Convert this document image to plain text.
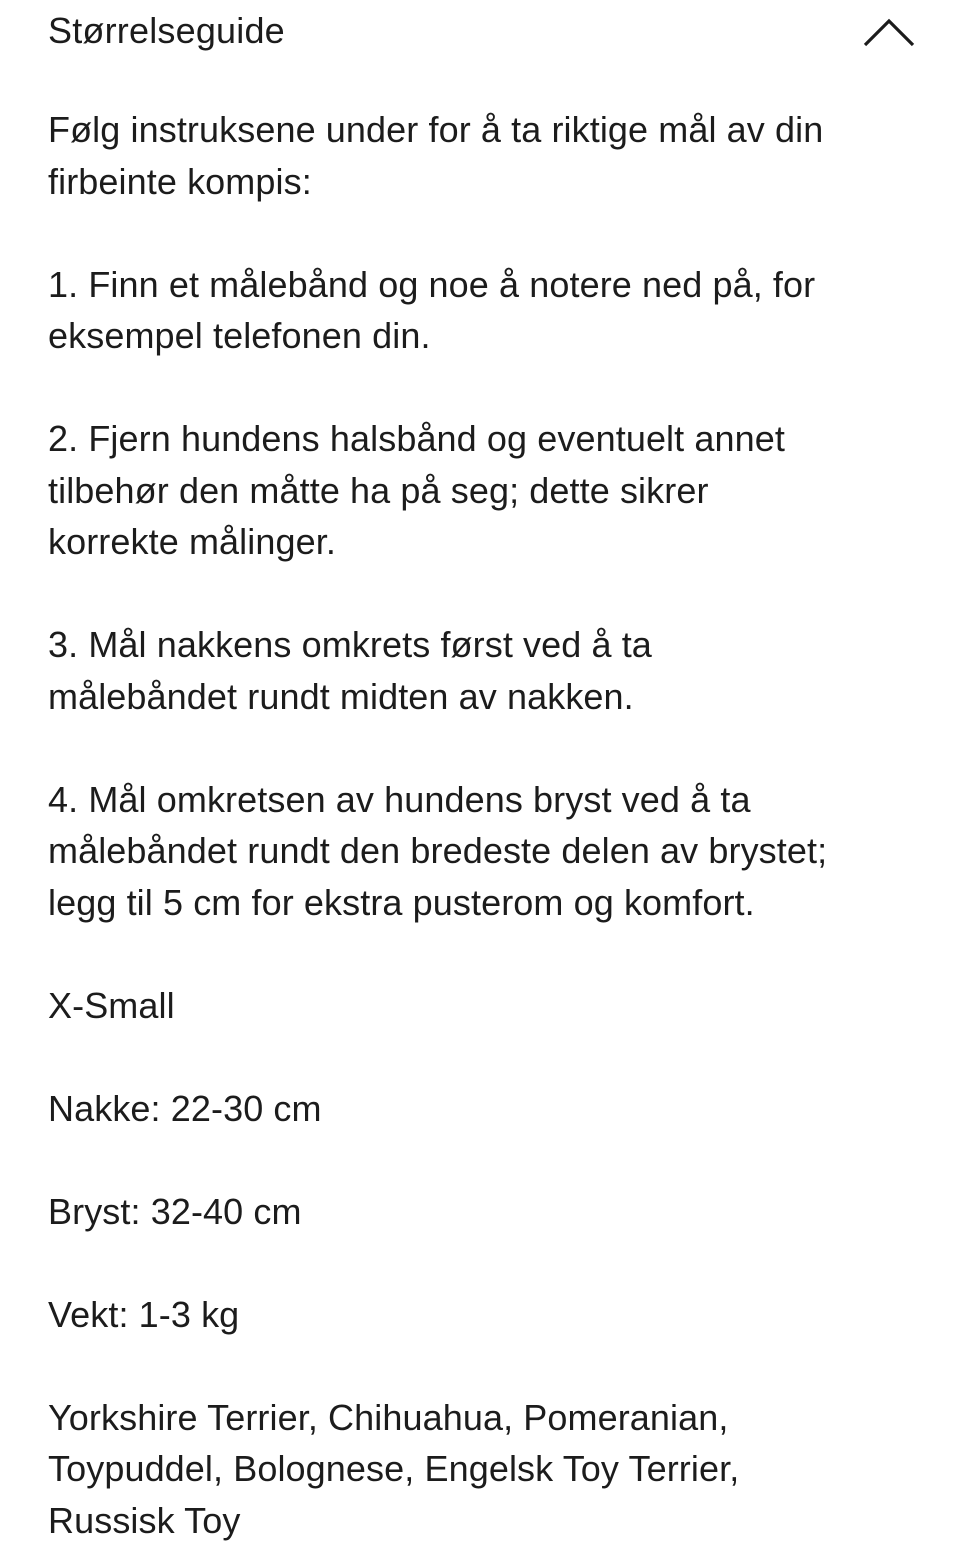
Størrelseguide

Følg instruksene under for å ta riktige mål av din
firbeinte kompis:

1. Finn et målebånd og noe å notere ned på, for
eksempel telefonen din.

2. Fjern hundens halsbånd og eventuelt annet
tilbehør den måtte ha på seg; dette sikrer
korrekte målinger.

3. Mål nakkens omkrets først ved å ta
målebåndet rundt midten av nakken.

4. Mål omkretsen av hundens bryst ved å ta
målebåndet rundt den bredeste delen av brystet;
legg til 5 cm for ekstra pusterom og komfort.

X-Small

Nakke: 22-30 cm

Bryst: 32-40 cm

Vekt: 1-3 kg

Yorkshire Terrier, Chihuahua, Pomeranian,
Toypuddel, Bolognese, Engelsk Toy Terrier,
Russisk Toy
